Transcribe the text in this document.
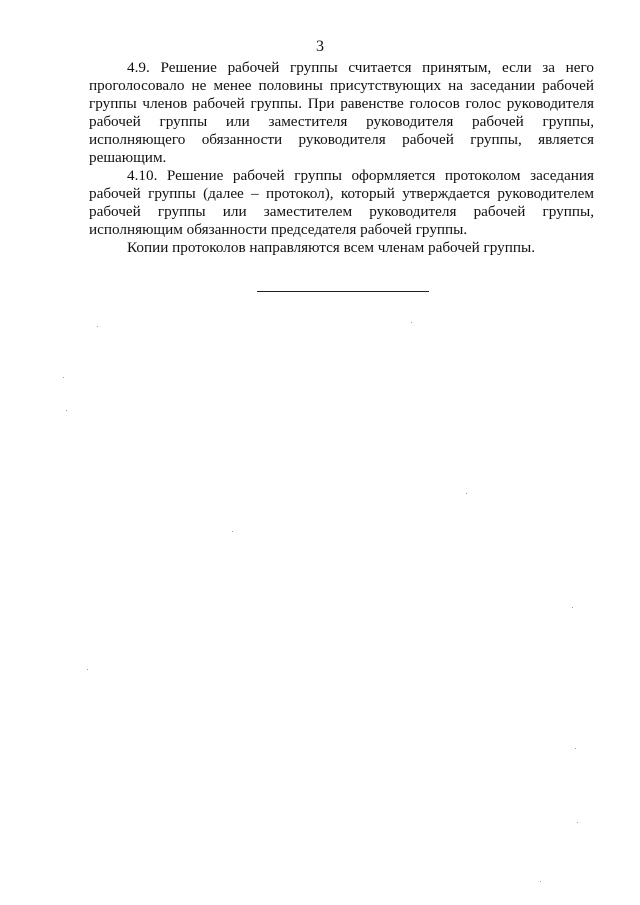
3

4.9. Решение рабочей группы считается принятым, если за него проголосовало не менее половины присутствующих на заседании рабочей группы членов рабочей группы. При равенстве голосов голос руководителя рабочей группы или заместителя руководителя рабочей группы, исполняющего обязанности руководителя рабочей группы, является решающим.

4.10. Решение рабочей группы оформляется протоколом заседания рабочей группы (далее – протокол), который утверждается руководителем рабочей группы или заместителем руководителя рабочей группы, исполняющим обязанности председателя рабочей группы.

Копии протоколов направляются всем членам рабочей группы.
